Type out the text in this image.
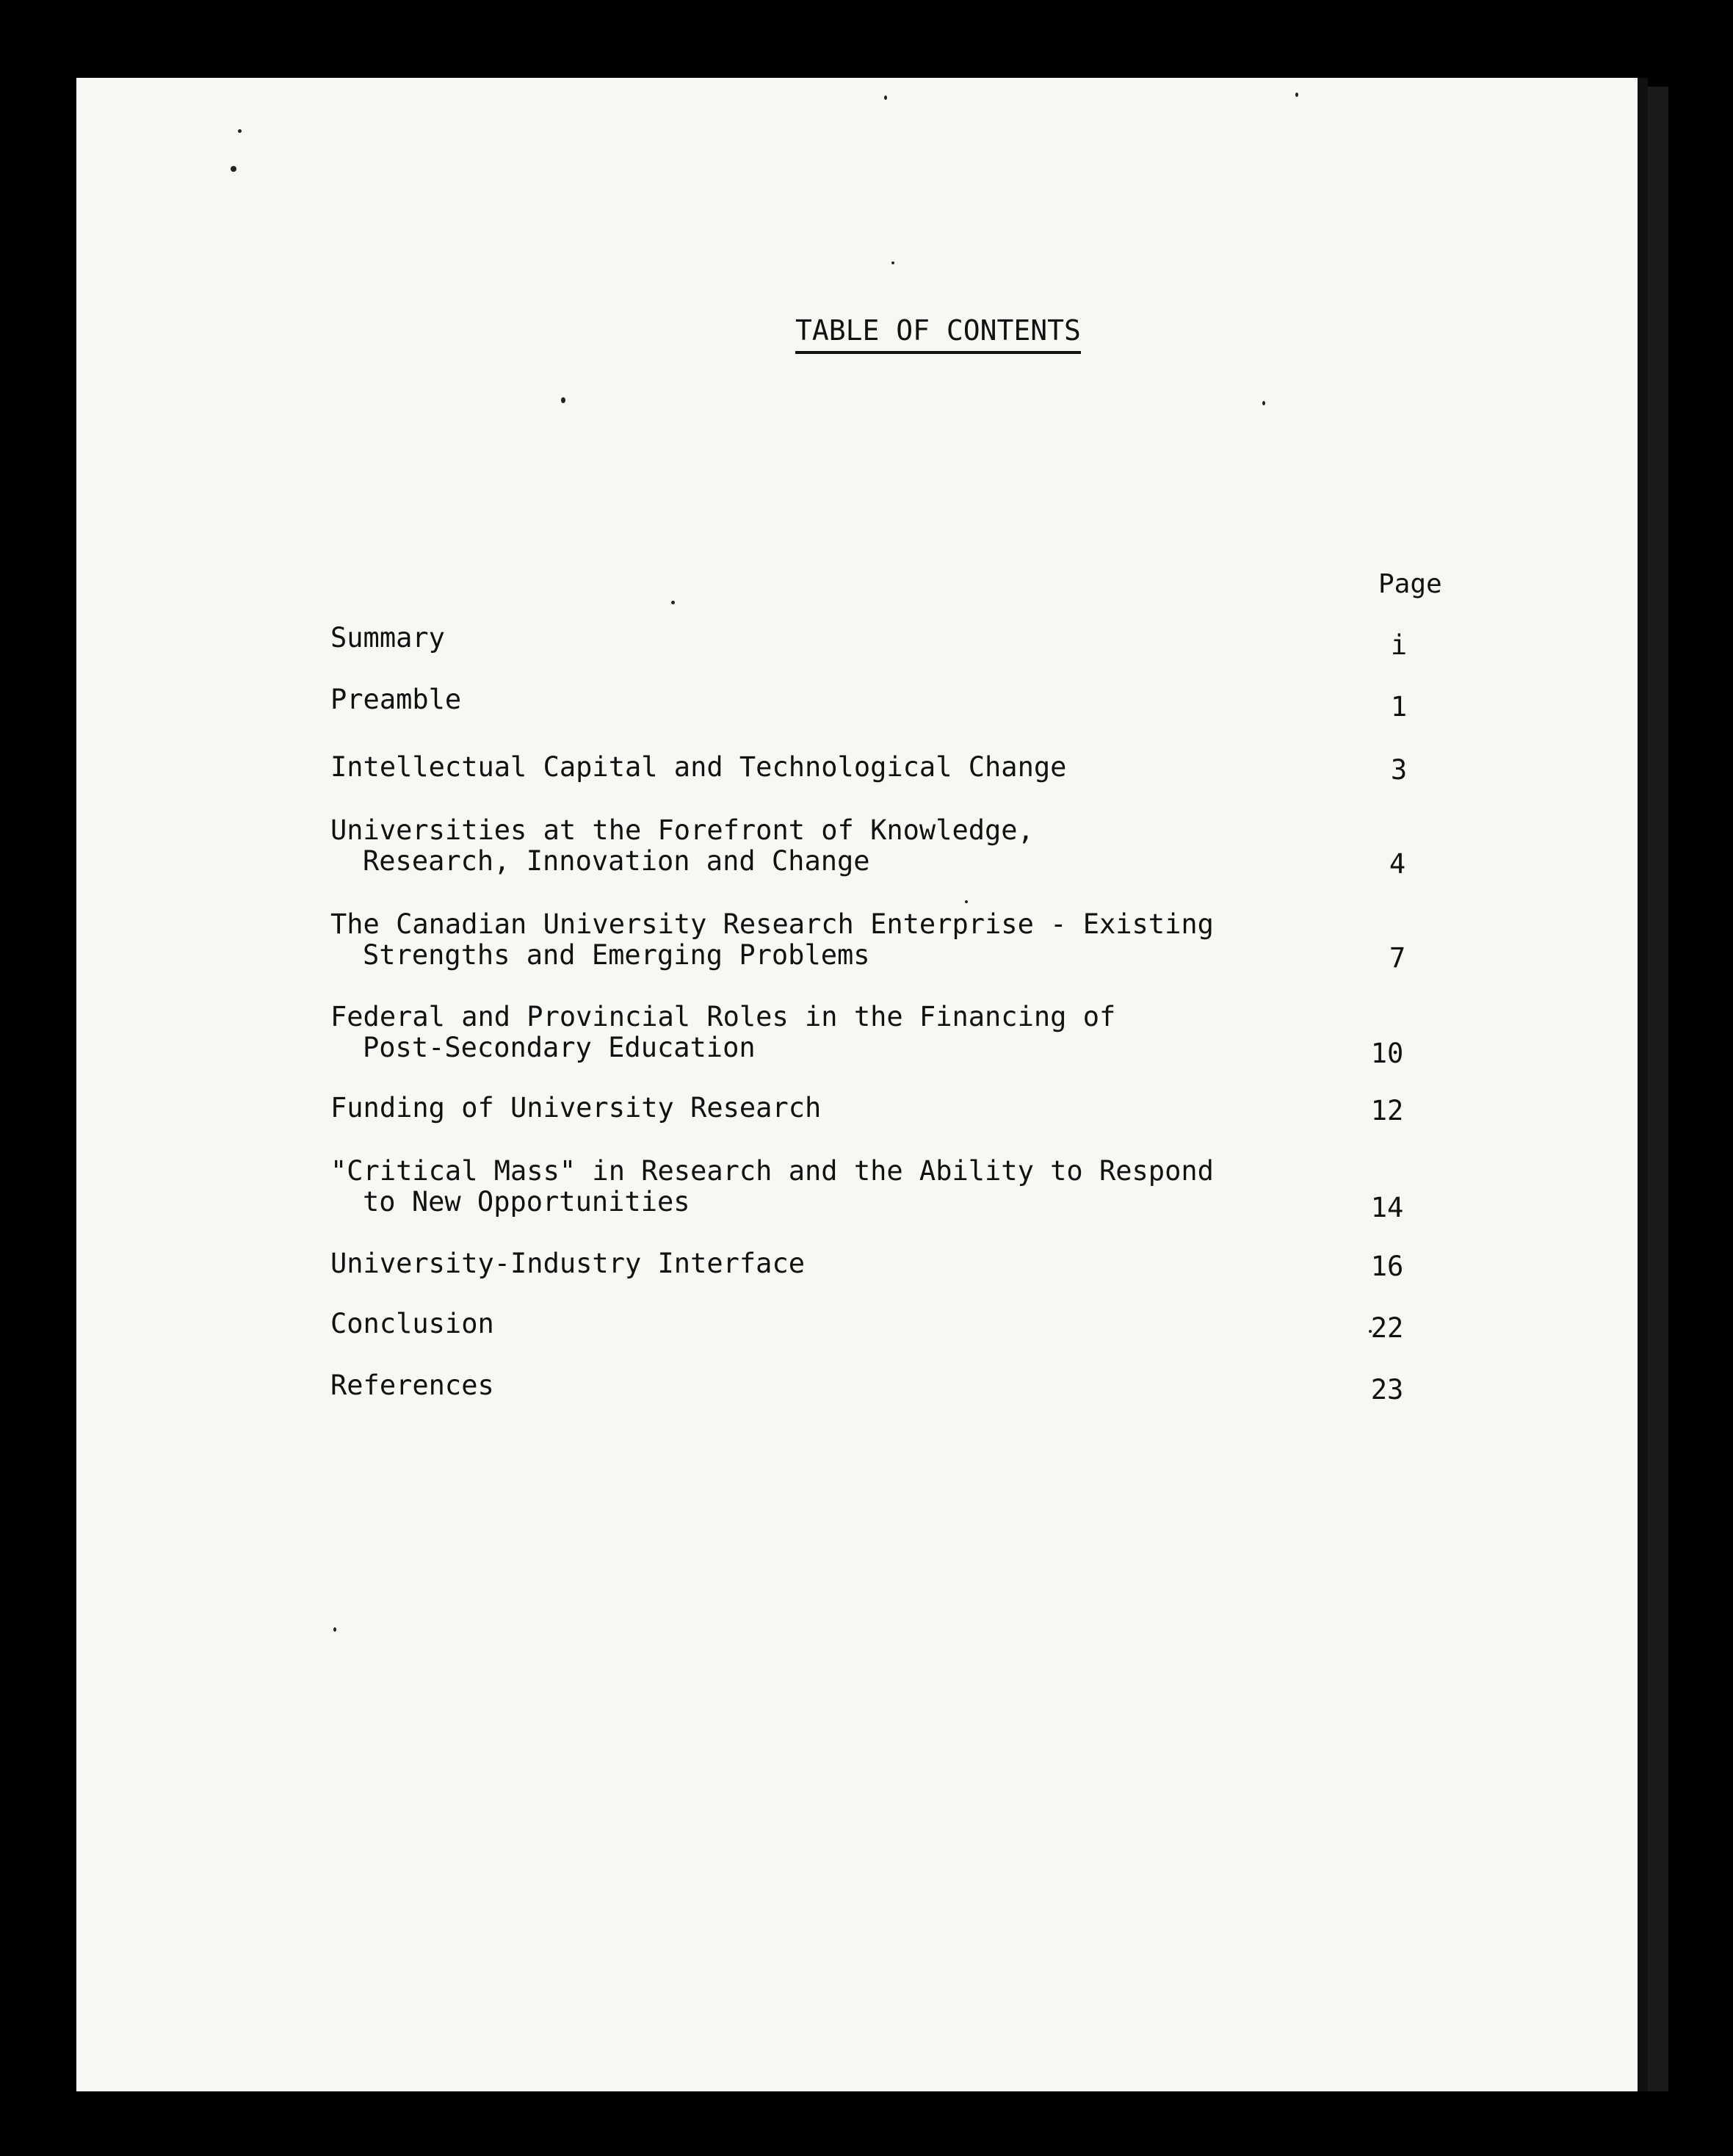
TABLE OF CONTENTS
Page
Summary	i
Preamble	1
Intellectual Capital and Technological Change	3
Universities at the Forefront of Knowledge,
Research, Innovation and Change	4
The Canadian University Research Enterprise - Existing
Strengths and Emerging Problems	7
Federal and Provincial Roles in the Financing of
Post-Secondary Education	10
Funding of University Research	12
"Critical Mass" in Research and the Ability to Respond
to New Opportunities	14
University-Industry Interface	16
Conclusion	22
References	23
